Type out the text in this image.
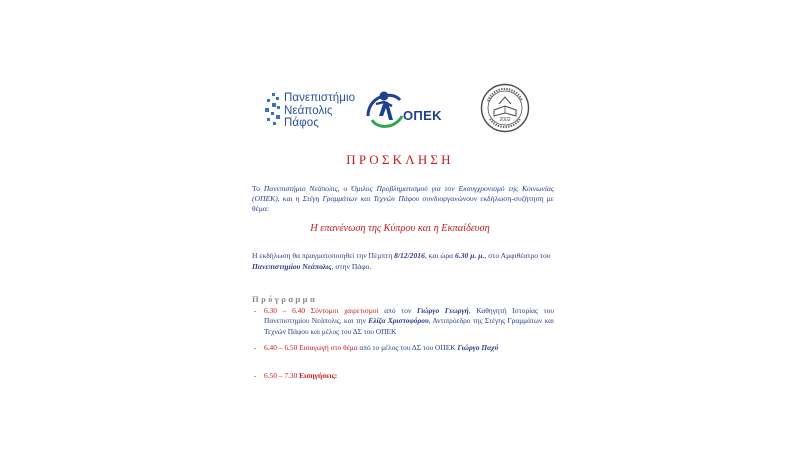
Πανεπιστήμιο
Νεάπολις
Πάφος	ΟΠΕΚ	2002
ΠΡΟΣΚΛΗΣΗ
Το Πανεπιστήμιο Νεάπολις, ο Όμιλος Προβληματισμού για τον Εκσυγχρονισμό της Κοινωνίας (ΟΠΕΚ), και η Στέγη Γραμμάτων και Τεχνών Πάφου συνδιοργανώνουν εκδήλωση-συζήτηση με θέμα:
Η επανένωση της Κύπρου και η Εκπαίδευση
Η εκδήλωση θα πραγματοποιηθεί την Πέμπτη 8/12/2016, και ώρα 6.30 μ. μ., στο Αμφιθέατρο του Πανεπιστημίου Νεάπολις, στην Πάφο.
Πρόγραμμα
- 6.30 – 6.40 Σύντομοι χαιρετισμοί από τον Γιώργο Γεωργή, Καθηγητή Ιστορίας του Πανεπιστημίου Νεάπολις, και την Ελίζα Χριστοφόρου, Αντιπρόεδρο της Στέγης Γραμμάτων και Τεχνών Πάφου και μέλος του ΔΣ του ΟΠΕΚ
- 6.40 – 6.50 Εισαγωγή στο θέμα από το μέλος του ΔΣ του ΟΠΕΚ Γιώργο Παχύ
- 6.50 – 7.30 Εισηγήσεις:
